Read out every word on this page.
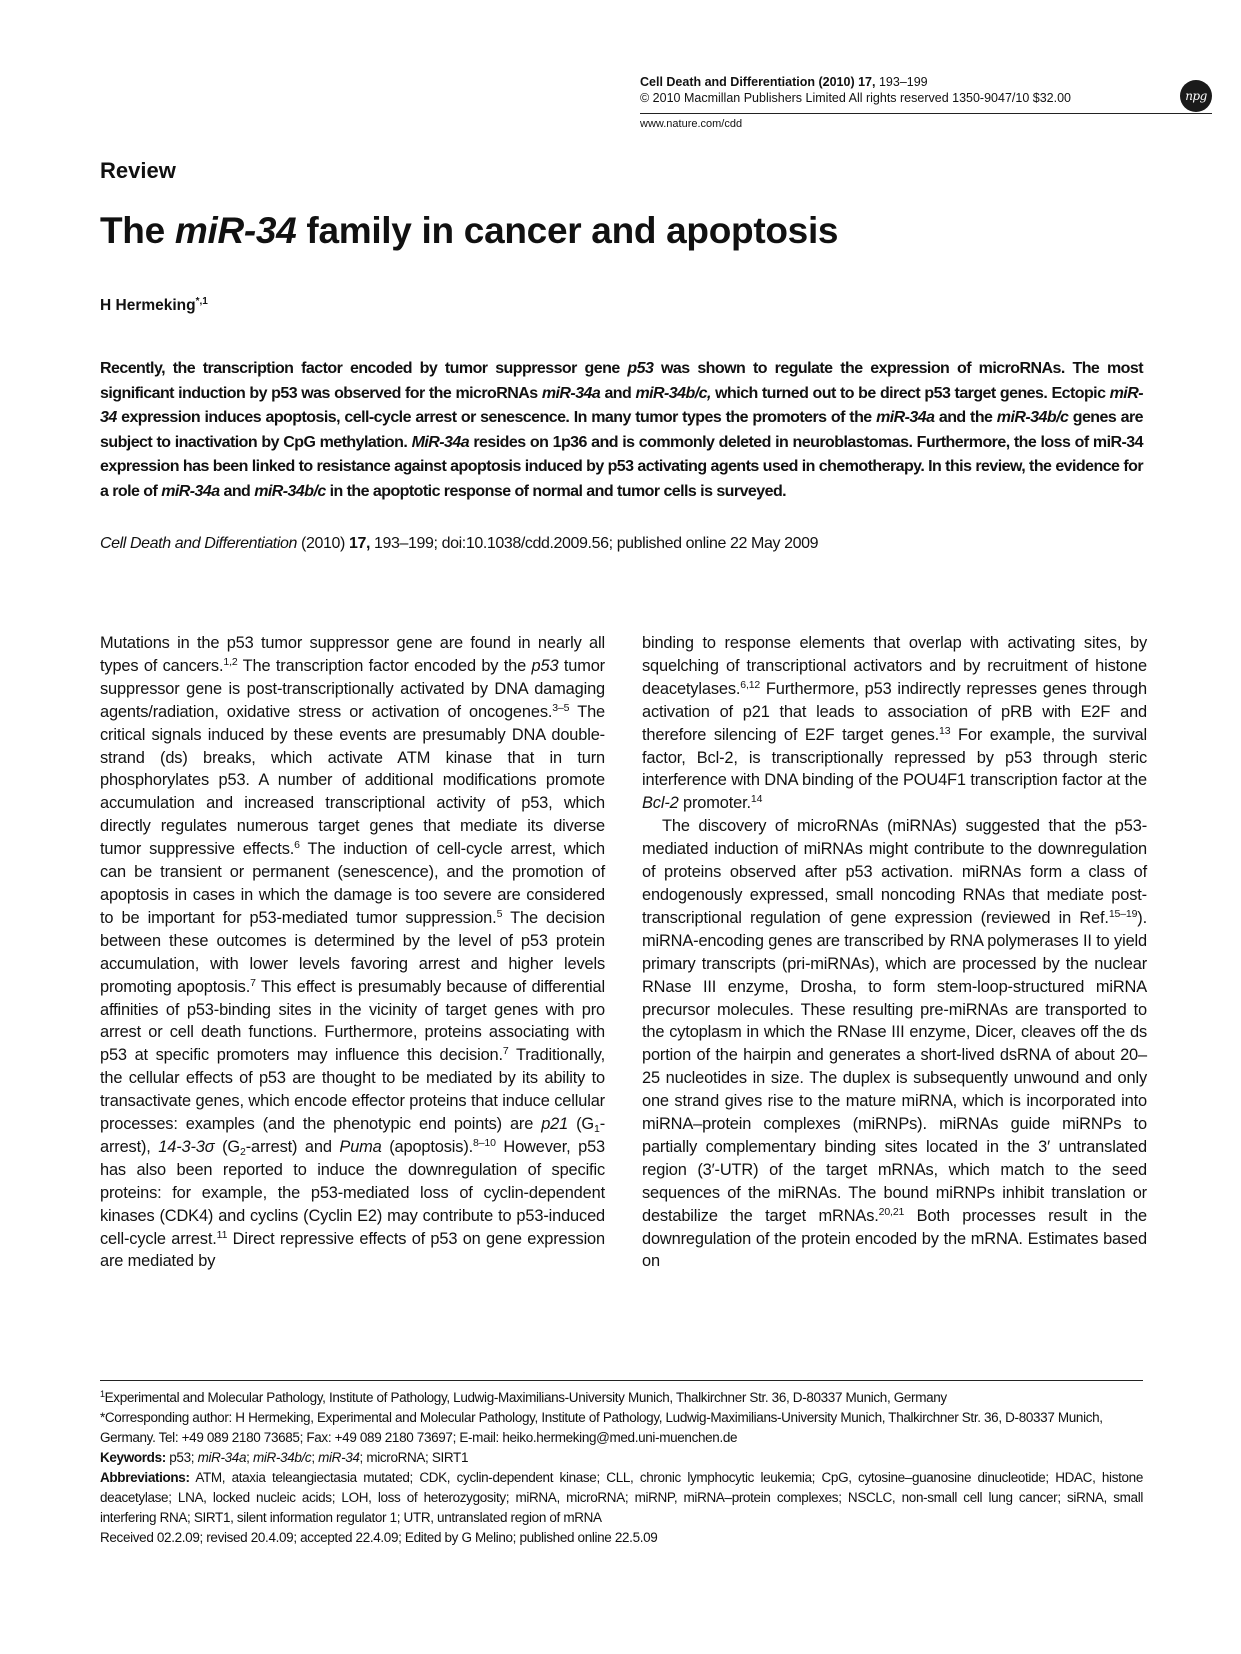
Cell Death and Differentiation (2010) 17, 193–199
© 2010 Macmillan Publishers Limited All rights reserved 1350-9047/10 $32.00	npg
www.nature.com/cdd
Review
The miR-34 family in cancer and apoptosis
H Hermeking$^{*,1}$
Recently, the transcription factor encoded by tumor suppressor gene p53 was shown to regulate the expression of microRNAs. The most significant induction by p53 was observed for the microRNAs miR-34a and miR-34b/c, which turned out to be direct p53 target genes. Ectopic miR-34 expression induces apoptosis, cell-cycle arrest or senescence. In many tumor types the promoters of the miR-34a and the miR-34b/c genes are subject to inactivation by CpG methylation. MiR-34a resides on 1p36 and is commonly deleted in neuroblastomas. Furthermore, the loss of miR-34 expression has been linked to resistance against apoptosis induced by p53 activating agents used in chemotherapy. In this review, the evidence for a role of miR-34a and miR-34b/c in the apoptotic response of normal and tumor cells is surveyed.
Cell Death and Differentiation (2010) 17, 193–199; doi:10.1038/cdd.2009.56; published online 22 May 2009

Mutations in the p53 tumor suppressor gene are found in nearly all types of cancers.$^{1,2}$ The transcription factor encoded by the p53 tumor suppressor gene is post-transcriptionally activated by DNA damaging agents/radiation, oxidative stress or activation of oncogenes.$^{3-5}$ The critical signals induced by these events are presumably DNA double-strand (ds) breaks, which activate ATM kinase that in turn phosphorylates p53. A number of additional modifications promote accumulation and increased transcriptional activity of p53, which directly regulates numerous target genes that mediate its diverse tumor suppressive effects.$^6$ The induction of cell-cycle arrest, which can be transient or permanent (senescence), and the promotion of apoptosis in cases in which the damage is too severe are considered to be important for p53-mediated tumor suppression.$^5$ The decision between these outcomes is determined by the level of p53 protein accumulation, with lower levels favoring arrest and higher levels promoting apoptosis.$^7$ This effect is presumably because of differential affinities of p53-binding sites in the vicinity of target genes with pro arrest or cell death functions. Furthermore, proteins associating with p53 at specific promoters may influence this decision.$^7$ Traditionally, the cellular effects of p53 are thought to be mediated by its ability to transactivate genes, which encode effector proteins that induce cellular processes: examples (and the phenotypic end points) are p21 $(G_1-arrest)$, 14-3-3σ $(G_2-arrest)$ and Puma (apoptosis).$^{8-10}$ However, p53 has also been reported to induce the downregulation of specific proteins: for example, the p53-mediated loss of cyclin-dependent kinases (CDK4) and cyclins (Cyclin E2) may contribute to p53-induced cell-cycle arrest.$^{11}$ Direct repressive effects of p53 on gene expression are mediated by

binding to response elements that overlap with activating sites, by squelching of transcriptional activators and by recruitment of histone deacetylases.$^{6,12}$ Furthermore, p53 indirectly represses genes through activation of p21 that leads to association of pRB with E2F and therefore silencing of E2F target genes.$^{13}$ For example, the survival factor, Bcl-2, is transcriptionally repressed by p53 through steric interference with DNA binding of the POU4F1 transcription factor at the Bcl-2 promoter.$^{14}$

The discovery of microRNAs (miRNAs) suggested that the p53-mediated induction of miRNAs might contribute to the downregulation of proteins observed after p53 activation. miRNAs form a class of endogenously expressed, small noncoding RNAs that mediate post-transcriptional regulation of gene expression (reviewed in Ref.$^{15-19}$). miRNA-encoding genes are transcribed by RNA polymerases II to yield primary transcripts (pri-miRNAs), which are processed by the nuclear RNase III enzyme, Drosha, to form stem-loop-structured miRNA precursor molecules. These resulting pre-miRNAs are transported to the cytoplasm in which the RNase III enzyme, Dicer, cleaves off the ds portion of the hairpin and generates a short-lived dsRNA of about 20–25 nucleotides in size. The duplex is subsequently unwound and only one strand gives rise to the mature miRNA, which is incorporated into miRNA–protein complexes (miRNPs). miRNAs guide miRNPs to partially complementary binding sites located in the 3′ untranslated region (3′-UTR) of the target mRNAs, which match to the seed sequences of the miRNAs. The bound miRNPs inhibit translation or destabilize the target mRNAs.$^{20,21}$ Both processes result in the downregulation of the protein encoded by the mRNA. Estimates based on

$^1$Experimental and Molecular Pathology, Institute of Pathology, Ludwig-Maximilians-University Munich, Thalkirchner Str. 36, D-80337 Munich, Germany

*Corresponding author: H Hermeking, Experimental and Molecular Pathology, Institute of Pathology, Ludwig-Maximilians-University Munich, Thalkirchner Str. 36, D-80337 Munich, Germany. Tel: +49 089 2180 73685; Fax: +49 089 2180 73697; E-mail: heiko.hermeking@med.uni-muenchen.de

Keywords: p53; miR-34a; miR-34b/c; miR-34; microRNA; SIRT1

Abbreviations: ATM, ataxia teleangiectasia mutated; CDK, cyclin-dependent kinase; CLL, chronic lymphocytic leukemia; CpG, cytosine–guanosine dinucleotide; HDAC, histone deacetylase; LNA, locked nucleic acids; LOH, loss of heterozygosity; miRNA, microRNA; miRNP, miRNA–protein complexes; NSCLC, non-small cell lung cancer; siRNA, small interfering RNA; SIRT1, silent information regulator 1; UTR, untranslated region of mRNA

Received 02.2.09; revised 20.4.09; accepted 22.4.09; Edited by G Melino; published online 22.5.09
